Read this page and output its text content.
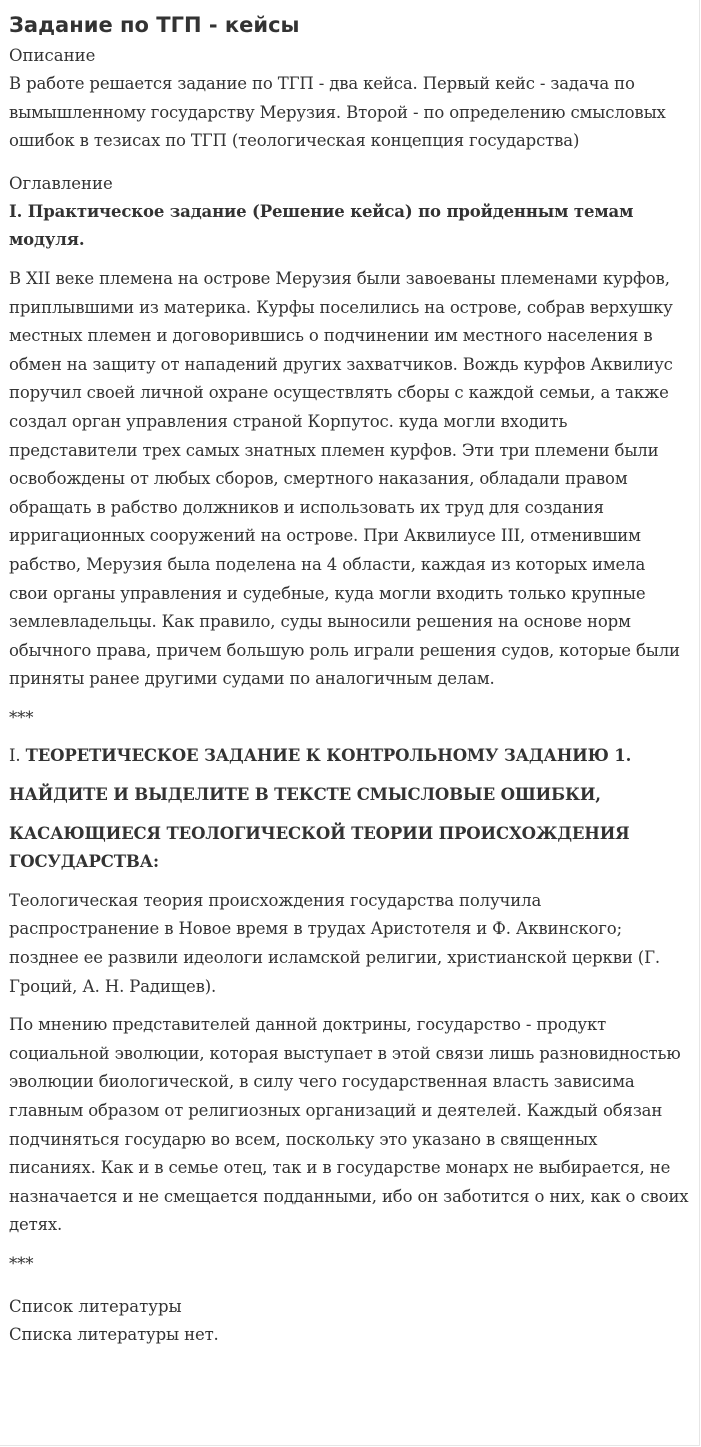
Задание по ТГП - кейсы
Описание

В работе решается задание по ТГП - два кейса. Первый кейс - задача по вымышленному государству Мерузия. Второй - по определению смысловых ошибок в тезисах по ТГП (теологическая концепция государства)

Оглавление

I. Практическое задание (Решение кейса) по пройденным темам модуля.

В XII веке племена на острове Мерузия были завоеваны племенами курфов, приплывшими из материка. Курфы поселились на острове, собрав верхушку местных племен и договорившись о подчинении им местного населения в обмен на защиту от нападений других захватчиков. Вождь курфов Аквилиус поручил своей личной охране осуществлять сборы с каждой семьи, а также создал орган управления страной Корпутос. куда могли входить представители трех самых знатных племен курфов. Эти три племени были освобождены от любых сборов, смертного наказания, обладали правом обращать в рабство должников и использовать их труд для создания ирригационных сооружений на острове. При Аквилиусе III, отменившим рабство, Мерузия была поделена на 4 области, каждая из которых имела свои органы управления и судебные, куда могли входить только крупные землевладельцы. Как правило, суды выносили решения на основе норм обычного права, причем большую роль играли решения судов, которые были приняты ранее другими судами по аналогичным делам.

***

I. ТЕОРЕТИЧЕСКОЕ ЗАДАНИЕ К КОНТРОЛЬНОМУ ЗАДАНИЮ 1.

НАЙДИТЕ И ВЫДЕЛИТЕ В ТЕКСТЕ СМЫСЛОВЫЕ ОШИБКИ,

КАСАЮЩИЕСЯ ТЕОЛОГИЧЕСКОЙ ТЕОРИИ ПРОИСХОЖДЕНИЯ ГОСУДАРСТВА:

Теологическая теория происхождения государства получила распространение в Новое время в трудах Аристотеля и Ф. Аквинского; позднее ее развили идеологи исламской религии, христианской церкви (Г. Гроций, А. Н. Радищев).

По мнению представителей данной доктрины, государство - продукт социальной эволюции, которая выступает в этой связи лишь разновидностью эволюции биологической, в силу чего государственная власть зависима главным образом от религиозных организаций и деятелей. Каждый обязан подчиняться государю во всем, поскольку это указано в священных писаниях. Как и в семье отец, так и в государстве монарх не выбирается, не назначается и не смещается подданными, ибо он заботится о них, как о своих детях.

***

Список литературы

Списка литературы нет.
